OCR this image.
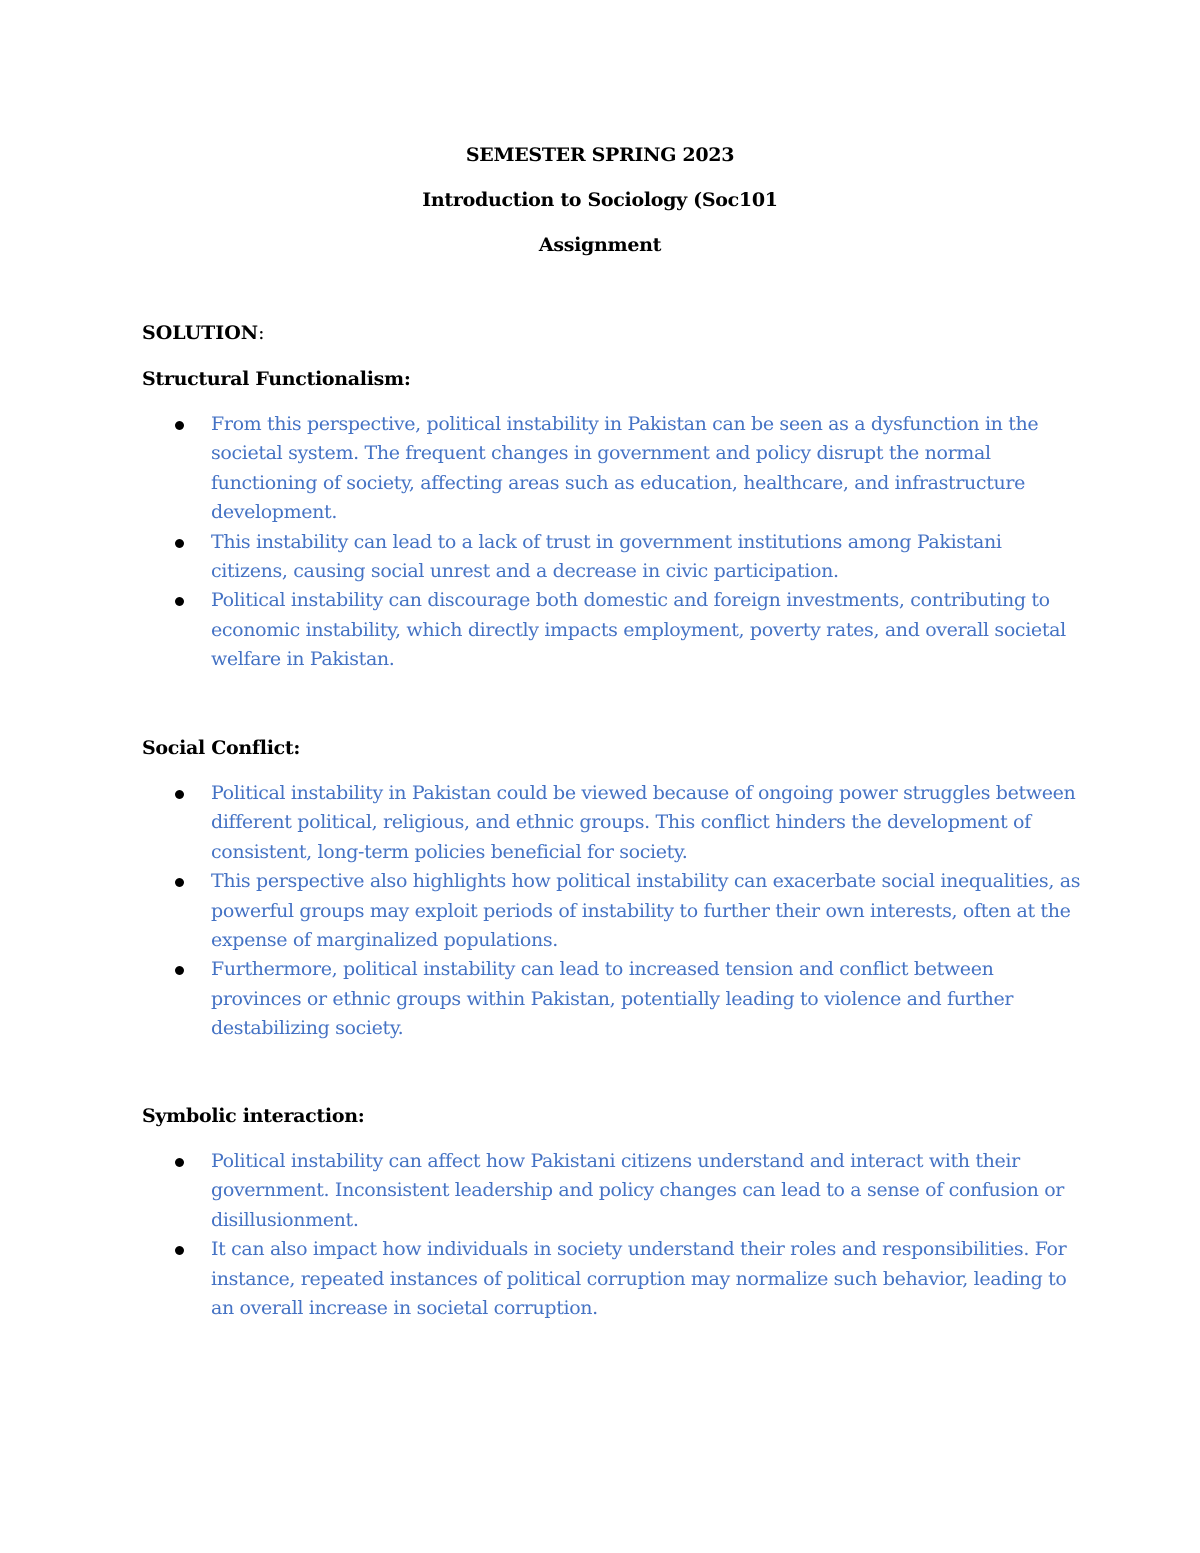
SEMESTER SPRING 2023
Introduction to Sociology (Soc101
Assignment
SOLUTION:
Structural Functionalism:
From this perspective, political instability in Pakistan can be seen as a dysfunction in the societal system. The frequent changes in government and policy disrupt the normal functioning of society, affecting areas such as education, healthcare, and infrastructure development.
This instability can lead to a lack of trust in government institutions among Pakistani citizens, causing social unrest and a decrease in civic participation.
Political instability can discourage both domestic and foreign investments, contributing to economic instability, which directly impacts employment, poverty rates, and overall societal welfare in Pakistan.
Social Conflict:
Political instability in Pakistan could be viewed because of ongoing power struggles between different political, religious, and ethnic groups. This conflict hinders the development of consistent, long-term policies beneficial for society.
This perspective also highlights how political instability can exacerbate social inequalities, as powerful groups may exploit periods of instability to further their own interests, often at the expense of marginalized populations.
Furthermore, political instability can lead to increased tension and conflict between provinces or ethnic groups within Pakistan, potentially leading to violence and further destabilizing society.
Symbolic interaction:
Political instability can affect how Pakistani citizens understand and interact with their government. Inconsistent leadership and policy changes can lead to a sense of confusion or disillusionment.
It can also impact how individuals in society understand their roles and responsibilities. For instance, repeated instances of political corruption may normalize such behavior, leading to an overall increase in societal corruption.
